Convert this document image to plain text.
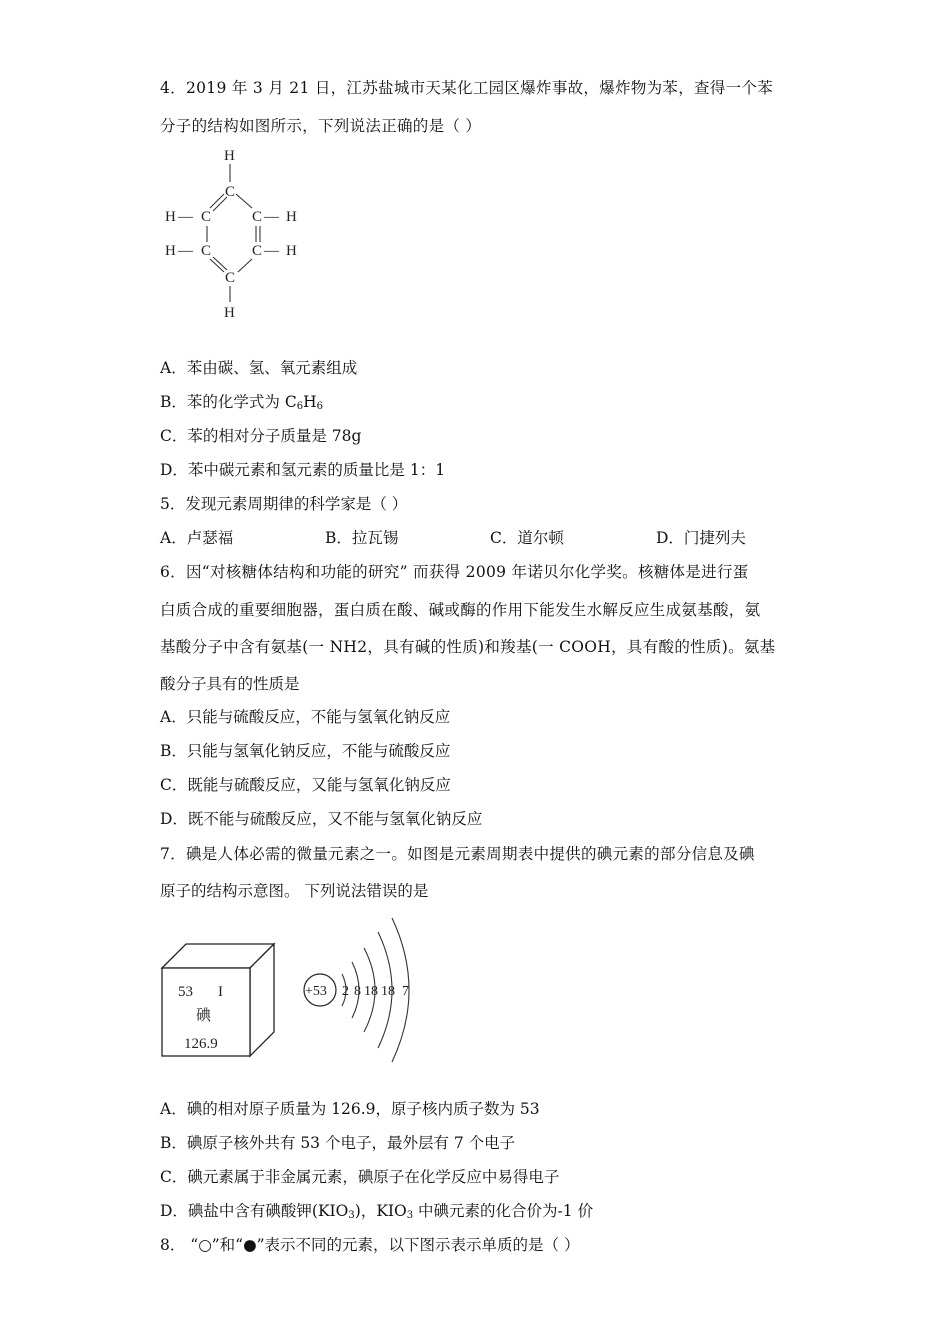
4．2019 年 3 月 21 日，江苏盐城市天某化工园区爆炸事故，爆炸物为苯，查得一个苯
分子的结构如图所示，下列说法正确的是（ ）
H
C
H — C	C — H
H — C	C — H
C
H
A．苯由碳、氢、氧元素组成
B．苯的化学式为 $C_6H_6$
C．苯的相对分子质量是 78g
D．苯中碳元素和氢元素的质量比是 1：1
5．发现元素周期律的科学家是（ ）
A．卢瑟福	B．拉瓦锡	C．道尔顿	D．门捷列夫
6．因“对核糖体结构和功能的研究” 而获得 2009 年诺贝尔化学奖。核糖体是进行蛋
白质合成的重要细胞器，蛋白质在酸、碱或酶的作用下能发生水解反应生成氨基酸，氨
基酸分子中含有氨基(一 NH2，具有碱的性质)和羧基(一 COOH，具有酸的性质)。氨基
酸分子具有的性质是
A．只能与硫酸反应，不能与氢氧化钠反应
B．只能与氢氧化钠反应，不能与硫酸反应
C．既能与硫酸反应，又能与氢氧化钠反应
D．既不能与硫酸反应，又不能与氢氧化钠反应
7．碘是人体必需的微量元素之一。如图是元素周期表中提供的碘元素的部分信息及碘
原子的结构示意图。 下列说法错误的是
53 I
碘
126.9
+53 2 8 18 18 7
A．碘的相对原子质量为 126.9，原子核内质子数为 53
B．碘原子核外共有 53 个电子，最外层有 7 个电子
C．碘元素属于非金属元素，碘原子在化学反应中易得电子
D．碘盐中含有碘酸钾$(KIO_3)$，$KIO_3$ 中碘元素的化合价为-1 价
8． “○”和“●”表示不同的元素，以下图示表示单质的是（ ）
